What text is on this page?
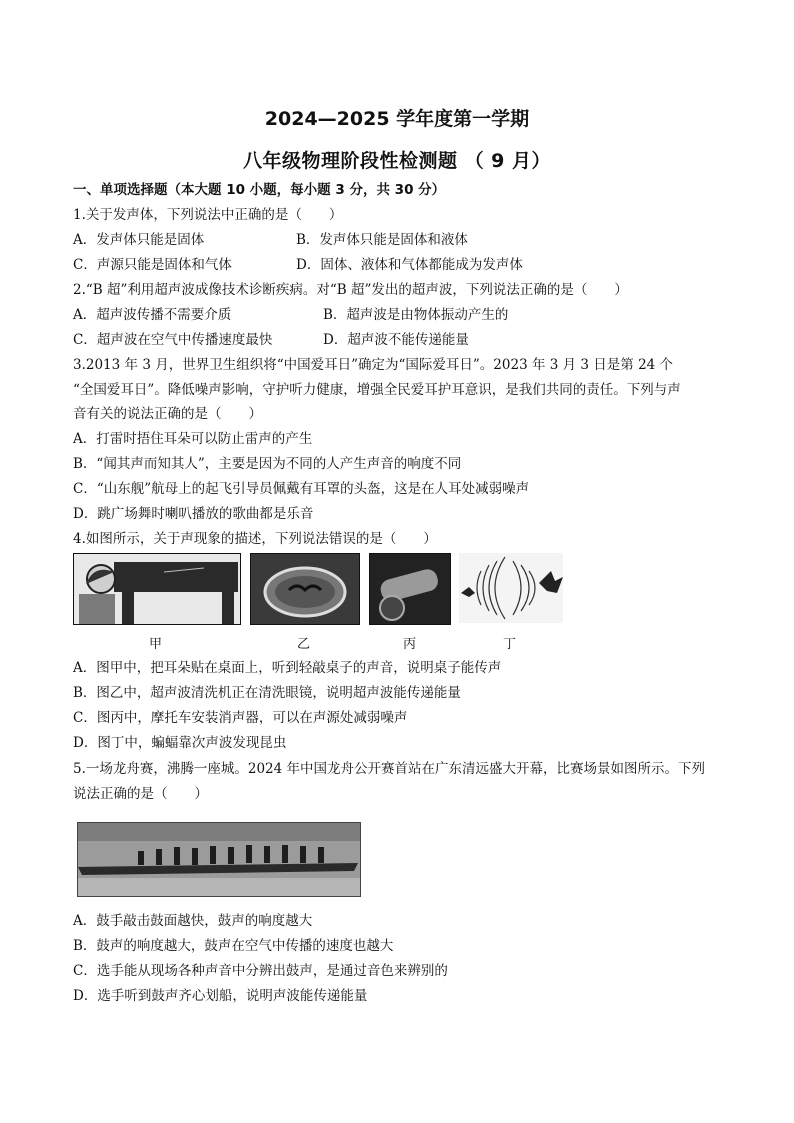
2024—2025 学年度第一学期
八年级物理阶段性检测题 （ 9 月）
一、单项选择题（本大题 10 小题，每小题 3 分，共 30 分）
1.关于发声体，下列说法中正确的是（　　）
A．发声体只能是固体	B．发声体只能是固体和液体
C．声源只能是固体和气体	D．固体、液体和气体都能成为发声体
2.“B 超”利用超声波成像技术诊断疾病。对“B 超”发出的超声波，下列说法正确的是（　　）
A．超声波传播不需要介质	B．超声波是由物体振动产生的
C．超声波在空气中传播速度最快	D．超声波不能传递能量
3.2013 年 3 月，世界卫生组织将“中国爱耳日”确定为“国际爱耳日”。2023 年 3 月 3 日是第 24 个
“全国爱耳日”。降低噪声影响，守护听力健康，增强全民爱耳护耳意识，是我们共同的责任。下列与声
音有关的说法正确的是（　　）
A．打雷时捂住耳朵可以防止雷声的产生
B．“闻其声而知其人”，主要是因为不同的人产生声音的响度不同
C．“山东舰”航母上的起飞引导员佩戴有耳罩的头盔，这是在人耳处减弱噪声
D．跳广场舞时喇叭播放的歌曲都是乐音
4.如图所示，关于声现象的描述，下列说法错误的是（　　）
甲	乙	丙	丁
A．图甲中，把耳朵贴在桌面上，听到轻敲桌子的声音，说明桌子能传声
B．图乙中，超声波清洗机正在清洗眼镜，说明超声波能传递能量
C．图丙中，摩托车安装消声器，可以在声源处减弱噪声
D．图丁中，蝙蝠靠次声波发现昆虫
5.一场龙舟赛，沸腾一座城。2024 年中国龙舟公开赛首站在广东清远盛大开幕，比赛场景如图所示。下列
说法正确的是（　　）
A．鼓手敲击鼓面越快，鼓声的响度越大
B．鼓声的响度越大，鼓声在空气中传播的速度也越大
C．选手能从现场各种声音中分辨出鼓声，是通过音色来辨别的
D．选手听到鼓声齐心划船，说明声波能传递能量
